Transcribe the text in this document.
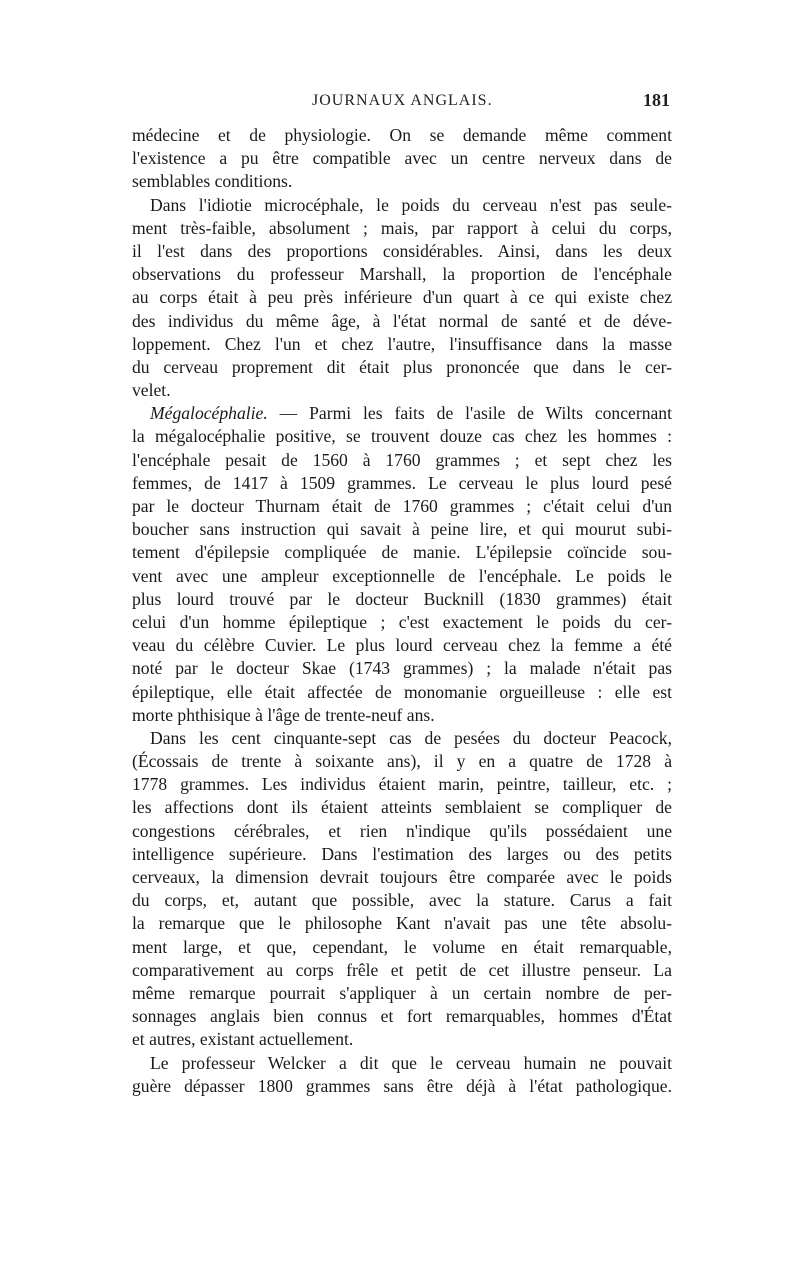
JOURNAUX ANGLAIS.	181
médecine et de physiologie. On se demande même comment
l'existence a pu être compatible avec un centre nerveux dans de
semblables conditions.
Dans l'idiotie microcéphale, le poids du cerveau n'est pas seule-
ment très-faible, absolument ; mais, par rapport à celui du corps,
il l'est dans des proportions considérables. Ainsi, dans les deux
observations du professeur Marshall, la proportion de l'encéphale
au corps était à peu près inférieure d'un quart à ce qui existe chez
des individus du même âge, à l'état normal de santé et de déve-
loppement. Chez l'un et chez l'autre, l'insuffisance dans la masse
du cerveau proprement dit était plus prononcée que dans le cer-
velet.
Mégalocéphalie. — Parmi les faits de l'asile de Wilts concernant
la mégalocéphalie positive, se trouvent douze cas chez les hommes :
l'encéphale pesait de 1560 à 1760 grammes ; et sept chez les
femmes, de 1417 à 1509 grammes. Le cerveau le plus lourd pesé
par le docteur Thurnam était de 1760 grammes ; c'était celui d'un
boucher sans instruction qui savait à peine lire, et qui mourut subi-
tement d'épilepsie compliquée de manie. L'épilepsie coïncide sou-
vent avec une ampleur exceptionnelle de l'encéphale. Le poids le
plus lourd trouvé par le docteur Bucknill (1830 grammes) était
celui d'un homme épileptique ; c'est exactement le poids du cer-
veau du célèbre Cuvier. Le plus lourd cerveau chez la femme a été
noté par le docteur Skae (1743 grammes) ; la malade n'était pas
épileptique, elle était affectée de monomanie orgueilleuse : elle est
morte phthisique à l'âge de trente-neuf ans.
Dans les cent cinquante-sept cas de pesées du docteur Peacock,
(Écossais de trente à soixante ans), il y en a quatre de 1728 à
1778 grammes. Les individus étaient marin, peintre, tailleur, etc. ;
les affections dont ils étaient atteints semblaient se compliquer de
congestions cérébrales, et rien n'indique qu'ils possédaient une
intelligence supérieure. Dans l'estimation des larges ou des petits
cerveaux, la dimension devrait toujours être comparée avec le poids
du corps, et, autant que possible, avec la stature. Carus a fait
la remarque que le philosophe Kant n'avait pas une tête absolu-
ment large, et que, cependant, le volume en était remarquable,
comparativement au corps frêle et petit de cet illustre penseur. La
même remarque pourrait s'appliquer à un certain nombre de per-
sonnages anglais bien connus et fort remarquables, hommes d'État
et autres, existant actuellement.
Le professeur Welcker a dit que le cerveau humain ne pouvait
guère dépasser 1800 grammes sans être déjà à l'état pathologique.
